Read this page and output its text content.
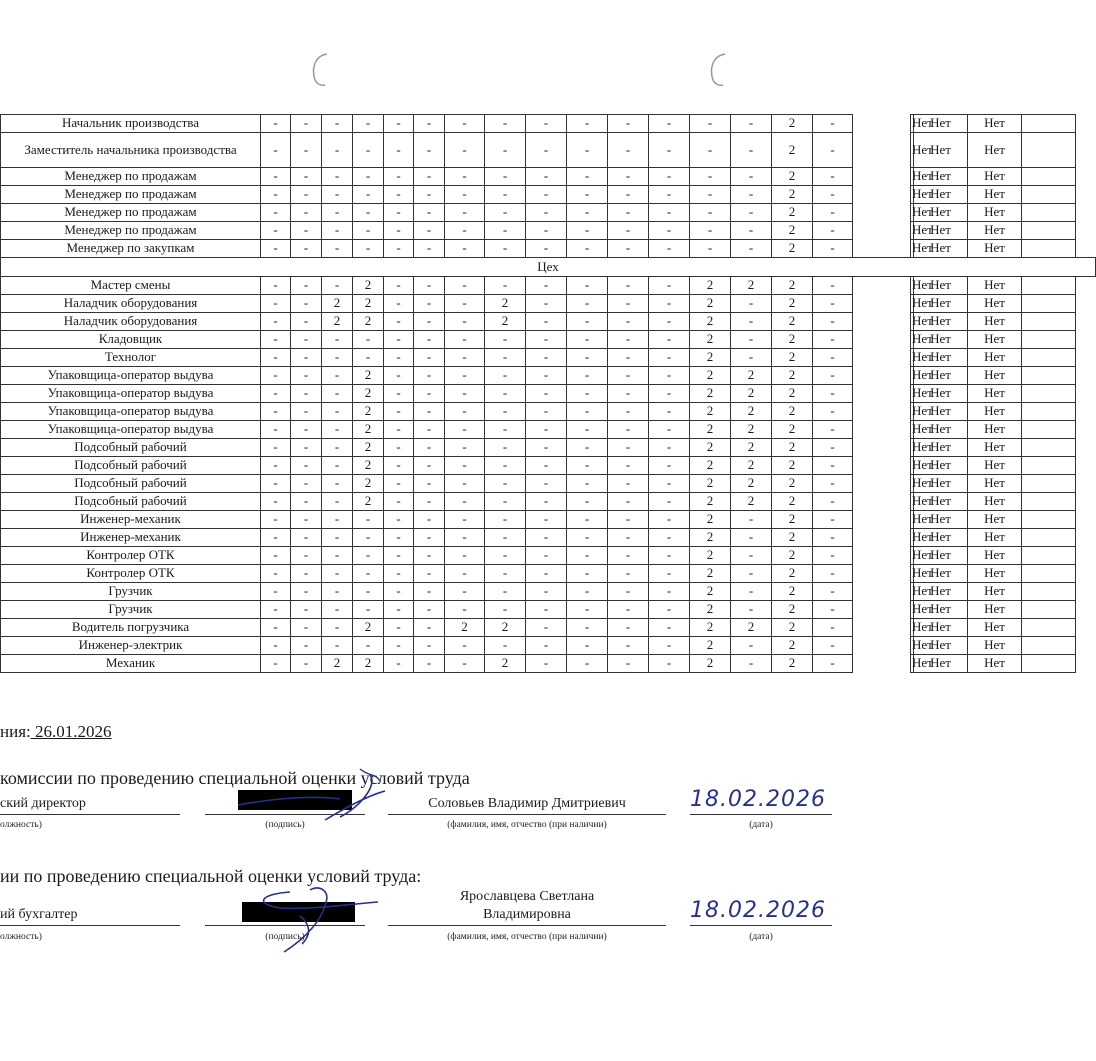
Начальник производства	-	-	-	-	-	-	-	-	-	-	-	-	-	-	2	-		Нет	Нет	Нет	
Заместитель начальника производства	-	-	-	-	-	-	-	-	-	-	-	-	-	-	2	-		Нет	Нет	Нет	
Менеджер по продажам	-	-	-	-	-	-	-	-	-	-	-	-	-	-	2	-		Нет	Нет	Нет	
Менеджер по продажам	-	-	-	-	-	-	-	-	-	-	-	-	-	-	2	-		Нет	Нет	Нет	
Менеджер по продажам	-	-	-	-	-	-	-	-	-	-	-	-	-	-	2	-		Нет	Нет	Нет	
Менеджер по продажам	-	-	-	-	-	-	-	-	-	-	-	-	-	-	2	-		Нет	Нет	Нет	
Менеджер по закупкам	-	-	-	-	-	-	-	-	-	-	-	-	-	-	2	-		Нет	Нет	Нет	
Цех																					
Мастер смены	-	-	-	2	-	-	-	-	-	-	-	-	2	2	2	-		Нет	Нет	Нет	
Наладчик оборудования	-	-	2	2	-	-	-	2	-	-	-	-	2	-	2	-		Нет	Нет	Нет	
Наладчик оборудования	-	-	2	2	-	-	-	2	-	-	-	-	2	-	2	-		Нет	Нет	Нет	
Кладовщик	-	-	-	-	-	-	-	-	-	-	-	-	2	-	2	-		Нет	Нет	Нет	
Технолог	-	-	-	-	-	-	-	-	-	-	-	-	2	-	2	-		Нет	Нет	Нет	
Упаковщица-оператор выдува	-	-	-	2	-	-	-	-	-	-	-	-	2	2	2	-		Нет	Нет	Нет	
Упаковщица-оператор выдува	-	-	-	2	-	-	-	-	-	-	-	-	2	2	2	-		Нет	Нет	Нет	
Упаковщица-оператор выдува	-	-	-	2	-	-	-	-	-	-	-	-	2	2	2	-		Нет	Нет	Нет	
Упаковщица-оператор выдува	-	-	-	2	-	-	-	-	-	-	-	-	2	2	2	-		Нет	Нет	Нет	
Подсобный рабочий	-	-	-	2	-	-	-	-	-	-	-	-	2	2	2	-		Нет	Нет	Нет	
Подсобный рабочий	-	-	-	2	-	-	-	-	-	-	-	-	2	2	2	-		Нет	Нет	Нет	
Подсобный рабочий	-	-	-	2	-	-	-	-	-	-	-	-	2	2	2	-		Нет	Нет	Нет	
Подсобный рабочий	-	-	-	2	-	-	-	-	-	-	-	-	2	2	2	-		Нет	Нет	Нет	
Инженер-механик	-	-	-	-	-	-	-	-	-	-	-	-	2	-	2	-		Нет	Нет	Нет	
Инженер-механик	-	-	-	-	-	-	-	-	-	-	-	-	2	-	2	-		Нет	Нет	Нет	
Контролер ОТК	-	-	-	-	-	-	-	-	-	-	-	-	2	-	2	-		Нет	Нет	Нет	
Контролер ОТК	-	-	-	-	-	-	-	-	-	-	-	-	2	-	2	-		Нет	Нет	Нет	
Грузчик	-	-	-	-	-	-	-	-	-	-	-	-	2	-	2	-		Нет	Нет	Нет	
Грузчик	-	-	-	-	-	-	-	-	-	-	-	-	2	-	2	-		Нет	Нет	Нет	
Водитель погрузчика	-	-	-	2	-	-	2	2	-	-	-	-	2	2	2	-		Нет	Нет	Нет	
Инженер-электрик	-	-	-	-	-	-	-	-	-	-	-	-	2	-	2	-		Нет	Нет	Нет	
Механик	-	-	2	2	-	-	-	2	-	-	-	-	2	-	2	-		Нет	Нет	Нет	
ния: 26.01.2026
комиссии по проведению специальной оценки условий труда
ский директор	Соловьев Владимир Дмитриевич	18.02.2026
олжность)	(подпись)	(фамилия, имя, отчество (при наличии)	(дата)
ии по проведению специальной оценки условий труда:
ий бухгалтер
Ярославцева Светлана
Владимировна	18.02.2026
олжность)	(подпись)	(фамилия, имя, отчество (при наличии)	(дата)
